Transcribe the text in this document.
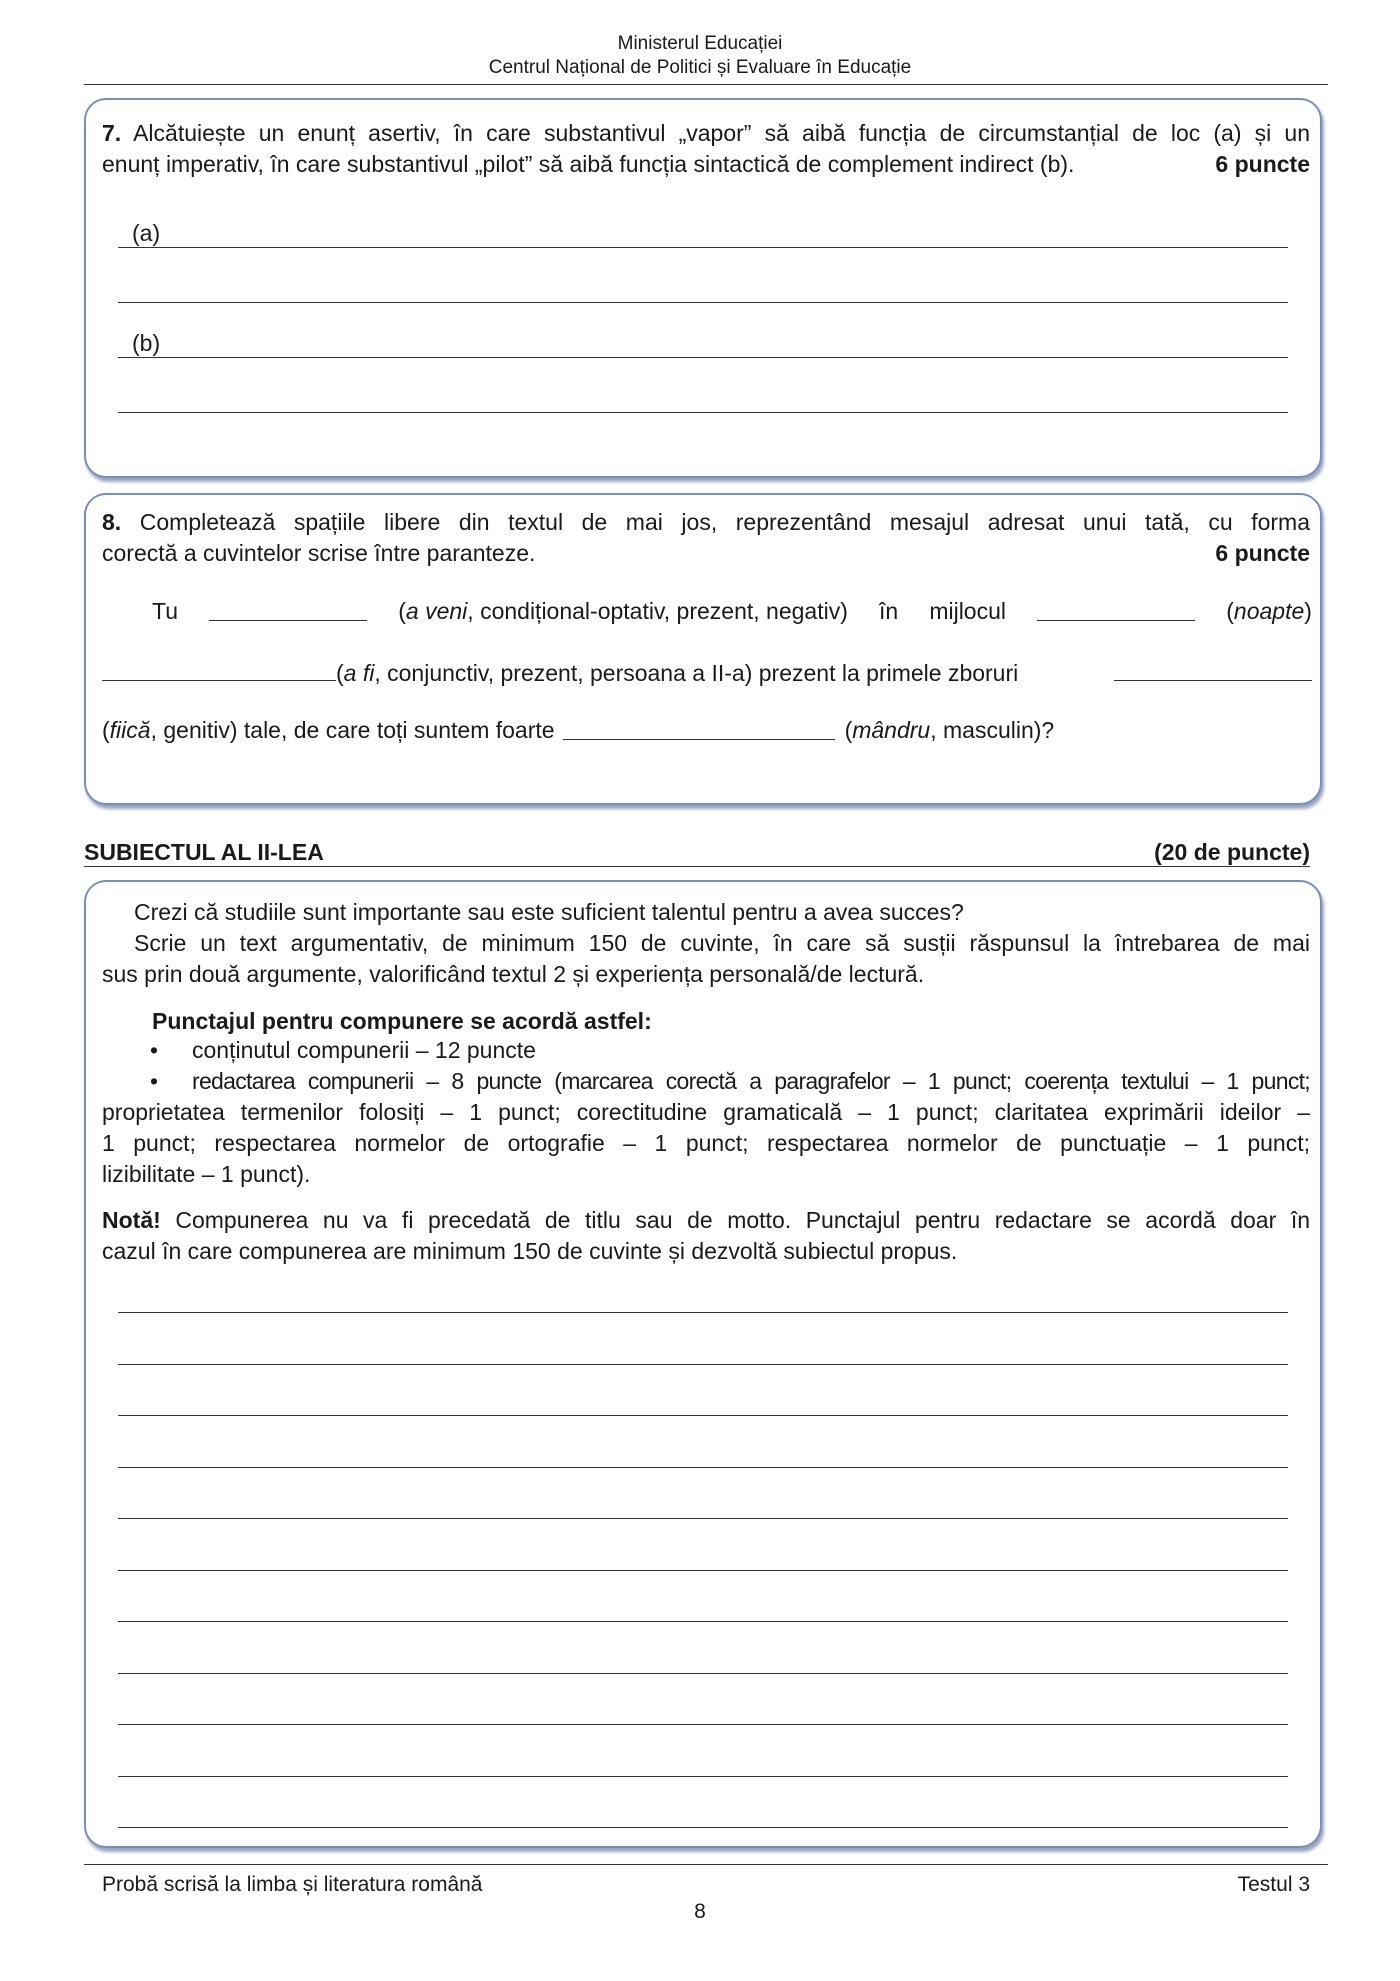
Ministerul Educației
Centrul Național de Politici și Evaluare în Educație
7. Alcătuiește un enunț asertiv, în care substantivul „vapor” să aibă funcția de circumstanțial de loc (a) și un
enunț imperativ, în care substantivul „pilot” să aibă funcția sintactică de complement indirect (b).	6 puncte
(a)
(b)
8. Completează spațiile libere din textul de mai jos, reprezentând mesajul adresat unui tată, cu forma
corectă a cuvintelor scrise între paranteze.	6 puncte
Tu	(a veni, condițional-optativ, prezent, negativ) în mijlocul	(noapte)
(a fi, conjunctiv, prezent, persoana a II-a) prezent la primele zboruri
( fiică , genitiv) tale, de care toți suntem foarte	( mândru , masculin)?
SUBIECTUL AL II-LEA	(20 de puncte)
Crezi că studiile sunt importante sau este suficient talentul pentru a avea succes?
Scrie un text argumentativ, de minimum 150 de cuvinte, în care să susții răspunsul la întrebarea de mai
sus prin două argumente, valorificând textul 2 și experiența personală/de lectură.
Punctajul pentru compunere se acordă astfel:
• conținutul compunerii – 12 puncte
• redactarea compunerii – 8 puncte (marcarea corectă a paragrafelor – 1 punct; coerența textului – 1 punct;
proprietatea termenilor folosiți – 1 punct; corectitudine gramaticală – 1 punct; claritatea exprimării ideilor –
1 punct; respectarea normelor de ortografie – 1 punct; respectarea normelor de punctuație – 1 punct;
lizibilitate – 1 punct).
Notă! Compunerea nu va fi precedată de titlu sau de motto. Punctajul pentru redactare se acordă doar în
cazul în care compunerea are minimum 150 de cuvinte și dezvoltă subiectul propus.
Probă scrisă la limba și literatura română	Testul 3
8
